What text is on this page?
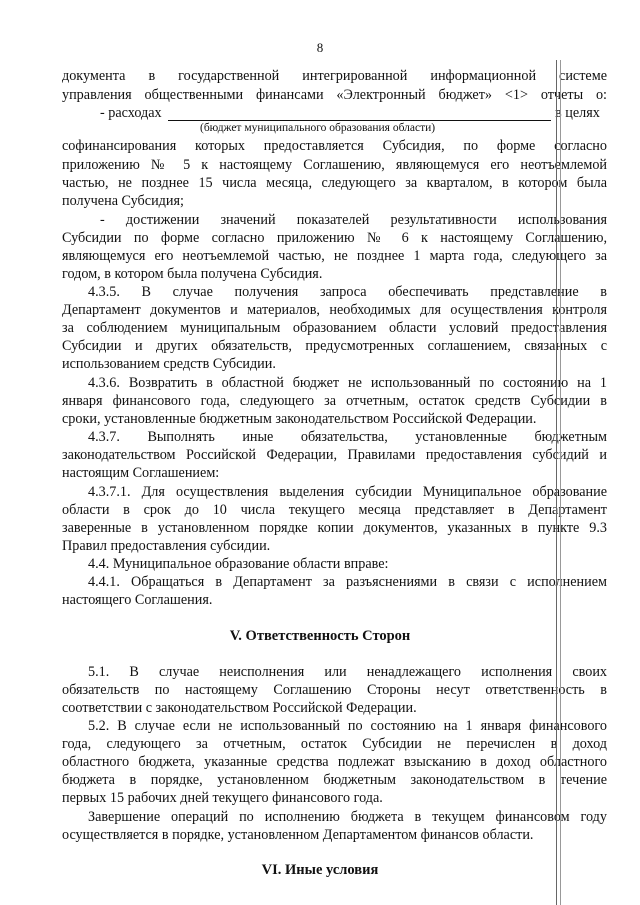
8
документа в государственной интегрированной информационной системе
управления общественными финансами «Электронный бюджет» <1> отчеты о:
- расходах	в целях
(бюджет муниципального образования области)
софинансирования которых предоставляется Субсидия, по форме согласно
приложению № 5 к настоящему Соглашению, являющемуся его неотъемлемой
частью, не позднее 15 числа месяца, следующего за кварталом, в котором была
получена Субсидия;
- достижении значений показателей результативности использования
Субсидии по форме согласно приложению № 6 к настоящему Соглашению,
являющемуся его неотъемлемой частью, не позднее 1 марта года, следующего за
годом, в котором была получена Субсидия.
4.3.5. В случае получения запроса обеспечивать представление в
Департамент документов и материалов, необходимых для осуществления контроля
за соблюдением муниципальным образованием области условий предоставления
Субсидии и других обязательств, предусмотренных соглашением, связанных с
использованием средств Субсидии.
4.3.6. Возвратить в областной бюджет не использованный по состоянию на 1
января финансового года, следующего за отчетным, остаток средств Субсидии в
сроки, установленные бюджетным законодательством Российской Федерации.
4.3.7. Выполнять иные обязательства, установленные бюджетным
законодательством Российской Федерации, Правилами предоставления субсидий и
настоящим Соглашением:
4.3.7.1. Для осуществления выделения субсидии Муниципальное образование
области в срок до 10 числа текущего месяца представляет в Департамент
заверенные в установленном порядке копии документов, указанных в пункте 9.3
Правил предоставления субсидии.
4.4. Муниципальное образование области вправе:
4.4.1. Обращаться в Департамент за разъяснениями в связи с исполнением
настоящего Соглашения.
V. Ответственность Сторон
5.1. В случае неисполнения или ненадлежащего исполнения своих
обязательств по настоящему Соглашению Стороны несут ответственность в
соответствии с законодательством Российской Федерации.
5.2. В случае если не использованный по состоянию на 1 января финансового
года, следующего за отчетным, остаток Субсидии не перечислен в доход
областного бюджета, указанные средства подлежат взысканию в доход областного
бюджета в порядке, установленном бюджетным законодательством в течение
первых 15 рабочих дней текущего финансового года.
Завершение операций по исполнению бюджета в текущем финансовом году
осуществляется в порядке, установленном Департаментом финансов области.
VI. Иные условия
